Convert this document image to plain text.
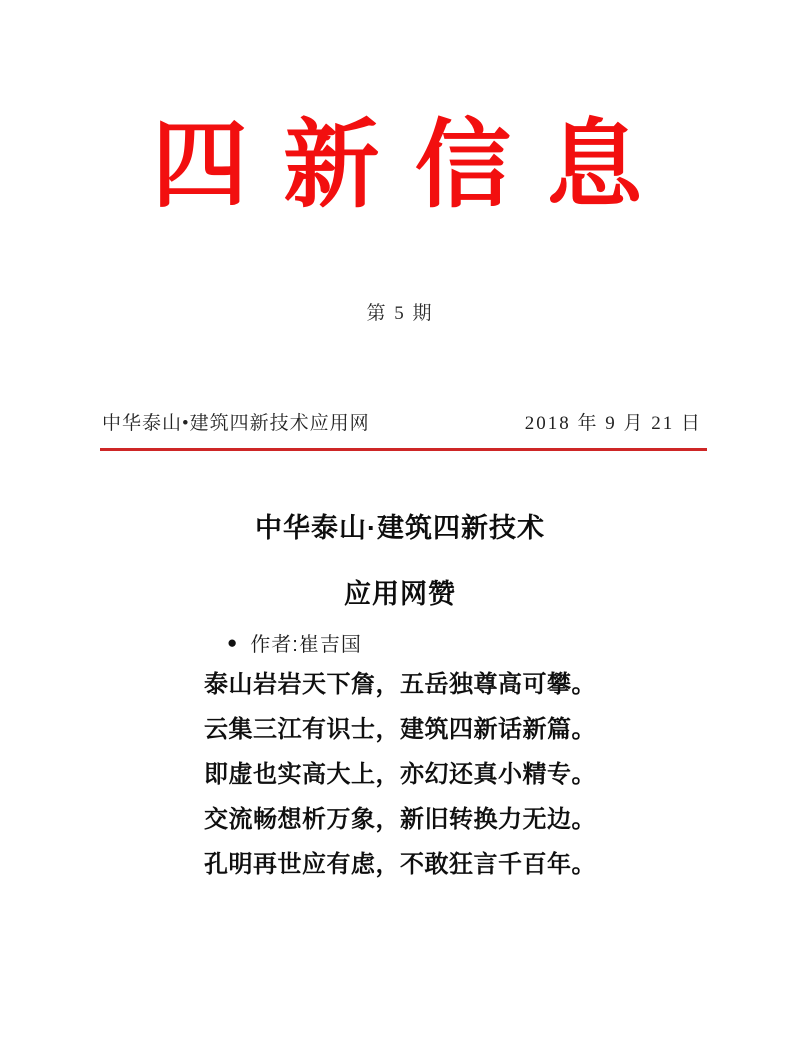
四 新 信 息
第 5 期
中华泰山•建筑四新技术应用网	2018 年 9 月 21 日
中华泰山·建筑四新技术
应用网赞
● 作者:崔吉国
泰山岩岩天下詹，五岳独尊高可攀。
云集三江有识士，建筑四新话新篇。
即虚也实高大上，亦幻还真小精专。
交流畅想析万象，新旧转换力无边。
孔明再世应有虑，不敢狂言千百年。
